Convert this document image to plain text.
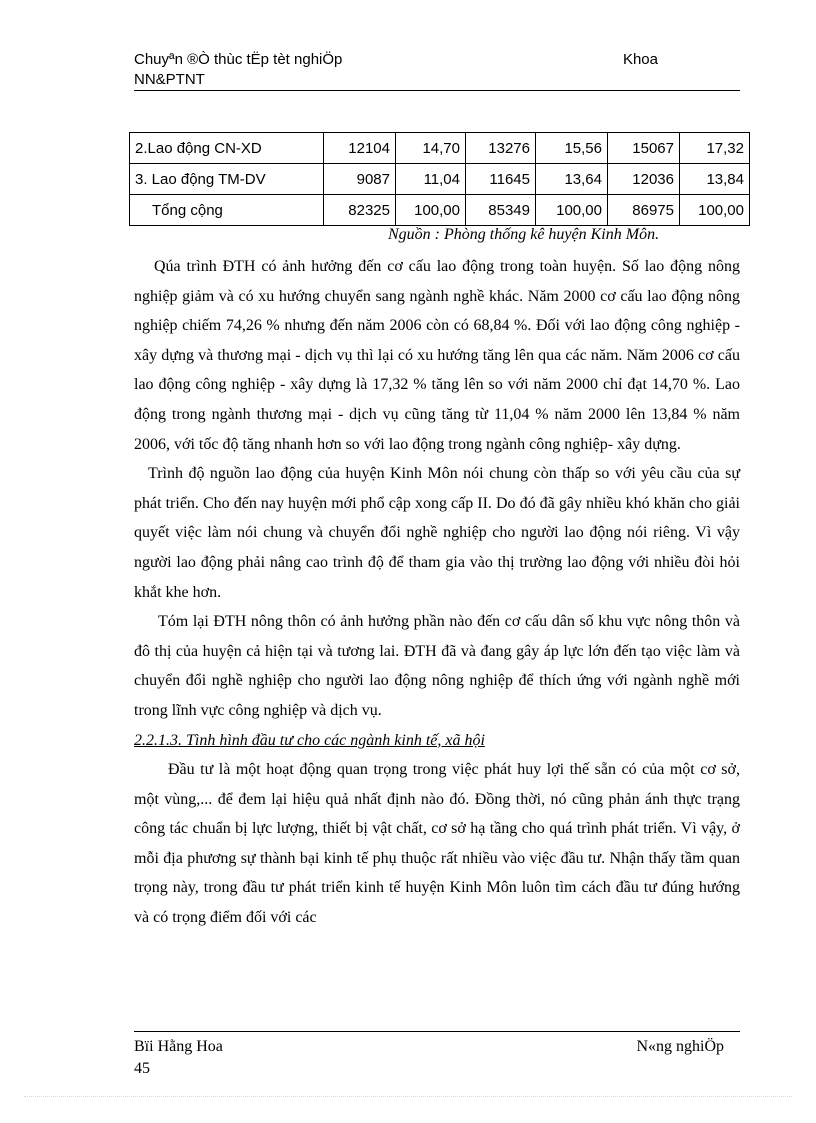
Chuyªn ®Ò thùc tËp tèt nghiÖp	Khoa
NN&PTNT
2.Lao động CN-XD	12104	14,70	13276	15,56	15067	17,32
3. Lao động TM-DV	9087	11,04	11645	13,64	12036	13,84
Tổng cộng	82325	100,00	85349	100,00	86975	100,00
Nguồn : Phòng thống kê huyện Kinh Môn.

Qúa trình ĐTH có ảnh hưởng đến cơ cấu lao động trong toàn huyện. Số lao động nông nghiệp giảm và có xu hướng chuyển sang ngành nghề khác. Năm 2000 cơ cấu lao động nông nghiệp chiếm 74,26 % nhưng đến năm 2006 còn có 68,84 %. Đối với lao động công nghiệp - xây dựng và thương mại - dịch vụ thì lại có xu hướng tăng lên qua các năm. Năm 2006 cơ cấu lao động công nghiệp - xây dựng là 17,32 % tăng lên so với năm 2000 chỉ đạt 14,70 %. Lao động trong ngành thương mại - dịch vụ cũng tăng từ 11,04 % năm 2000 lên 13,84 % năm 2006, với tốc độ tăng nhanh hơn so với lao động trong ngành công nghiệp- xây dựng.

Trình độ nguồn lao động của huyện Kinh Môn nói chung còn thấp so với yêu cầu của sự phát triển. Cho đến nay huyện mới phổ cập xong cấp II. Do đó đã gây nhiều khó khăn cho giải quyết việc làm nói chung và chuyển đổi nghề nghiệp cho người lao động nói riêng. Vì vậy người lao động phải nâng cao trình độ để tham gia vào thị trường lao động với nhiều đòi hỏi khắt khe hơn.

Tóm lại ĐTH nông thôn có ảnh hưởng phần nào đến cơ cấu dân số khu vực nông thôn và đô thị của huyện cả hiện tại và tương lai. ĐTH đã và đang gây áp lực lớn đến tạo việc làm và chuyển đổi nghề nghiệp cho người lao động nông nghiệp để thích ứng với ngành nghề mới trong lĩnh vực công nghiệp và dịch vụ.

2.2.1.3. Tình hình đầu tư cho các ngành kinh tế, xã hội

Đầu tư là một hoạt động quan trọng trong việc phát huy lợi thế sẵn có của một cơ sở, một vùng,... để đem lại hiệu quả nhất định nào đó. Đồng thời, nó cũng phản ánh thực trạng công tác chuẩn bị lực lượng, thiết bị vật chất, cơ sở hạ tầng cho quá trình phát triển. Vì vậy, ở mỗi địa phương sự thành bại kinh tế phụ thuộc rất nhiều vào việc đầu tư. Nhận thấy tầm quan trọng này, trong đầu tư phát triển kinh tế huyện Kinh Môn luôn tìm cách đầu tư đúng hướng và có trọng điểm đối với các

Bïi Hằng Hoa	N«ng nghiÖp
45
